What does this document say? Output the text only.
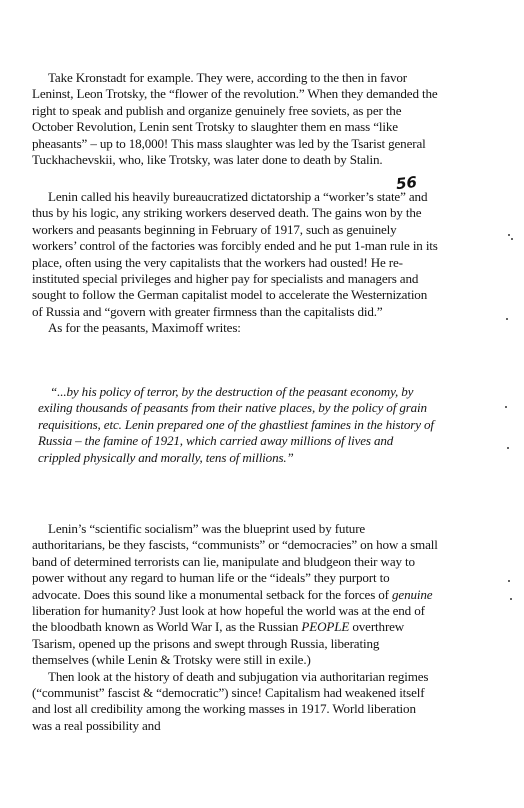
Take Kronstadt for example. They were, according to the then in favor Leninst, Leon Trotsky, the “flower of the revolution.” When they demanded the right to speak and publish and organize genuinely free soviets, as per the October Revolution, Lenin sent Trotsky to slaughter them en mass “like pheasants” – up to 18,000! This mass slaughter was led by the Tsarist general Tuckhachevskii, who, like Trotsky, was later done to death by Stalin.

56

Lenin called his heavily bureaucratized dictatorship a “worker’s state” and thus by his logic, any striking workers deserved death. The gains won by the workers and peasants beginning in February of 1917, such as genuinely workers’ control of the factories was forcibly ended and he put 1-man rule in its place, often using the very capitalists that the workers had ousted! He re-instituted special privileges and higher pay for specialists and managers and sought to follow the German capitalist model to accelerate the Westernization of Russia and “govern with greater firmness than the capitalists did.”

As for the peasants, Maximoff writes:

“...by his policy of terror, by the destruction of the peasant economy, by exiling thousands of peasants from their native places, by the policy of grain requisitions, etc. Lenin prepared one of the ghastliest famines in the history of Russia – the famine of 1921, which carried away millions of lives and crippled physically and morally, tens of millions.”

Lenin’s “scientific socialism” was the blueprint used by future authoritarians, be they fascists, “communists” or “democracies” on how a small band of determined terrorists can lie, manipulate and bludgeon their way to power without any regard to human life or the “ideals” they purport to advocate. Does this sound like a monumental setback for the forces of genuine liberation for humanity? Just look at how hopeful the world was at the end of the bloodbath known as World War I, as the Russian PEOPLE overthrew Tsarism, opened up the prisons and swept through Russia, liberating themselves (while Lenin & Trotsky were still in exile.)

Then look at the history of death and subjugation via authoritarian regimes (“communist” fascist & “democratic”) since! Capitalism had weakened itself and lost all credibility among the working masses in 1917. World liberation was a real possibility and
